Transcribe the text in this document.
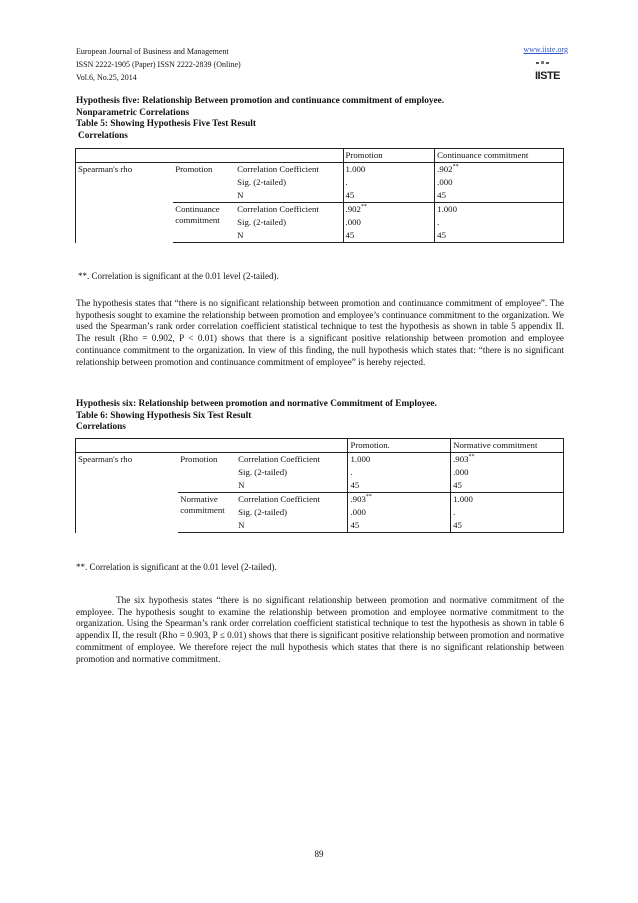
European Journal of Business and Management
ISSN 2222-1905 (Paper) ISSN 2222-2839 (Online)
Vol.6, No.25, 2014
www.iiste.org
IISTE
Hypothesis five: Relationship Between promotion and continuance commitment of employee.
Nonparametric Correlations
Table 5: Showing Hypothesis Five Test Result
Correlations
			Promotion	Continuance commitment
Spearman's rho	Promotion	Correlation Coefficient	1.000	.902**
		Sig. (2-tailed)	.	.000
		N	45	45
	Continuance commitment	Correlation Coefficient	.902**	1.000
		Sig. (2-tailed)	.000	.
		N	45	45
**. Correlation is significant at the 0.01 level (2-tailed).
The hypothesis states that “there is no significant relationship between promotion and continuance commitment of employee”. The hypothesis sought to examine the relationship between promotion and employee’s continuance commitment to the organization. We used the Spearman’s rank order correlation coefficient statistical technique to test the hypothesis as shown in table 5 appendix II. The result (Rho = 0.902, P < 0.01) shows that there is a significant positive relationship between promotion and employee continuance commitment to the organization. In view of this finding, the null hypothesis which states that: “there is no significant relationship between promotion and continuance commitment of employee” is hereby rejected.
Hypothesis six: Relationship between promotion and normative Commitment of Employee.
Table 6: Showing Hypothesis Six Test Result
Correlations
			Promotion.	Normative commitment
Spearman's rho	Promotion	Correlation Coefficient	1.000	.903**
		Sig. (2-tailed)	.	.000
		N	45	45
	Normative commitment	Correlation Coefficient	.903**	1.000
		Sig. (2-tailed)	.000	.
		N	45	45
**. Correlation is significant at the 0.01 level (2-tailed).
The six hypothesis states “there is no significant relationship between promotion and normative commitment of the employee. The hypothesis sought to examine the relationship between promotion and employee normative commitment to the organization. Using the Spearman’s rank order correlation coefficient statistical technique to test the hypothesis as shown in table 6 appendix II, the result (Rho = 0.903, P ≤ 0.01) shows that there is significant positive relationship between promotion and normative commitment of employee. We therefore reject the null hypothesis which states that there is no significant relationship between promotion and normative commitment.
89
